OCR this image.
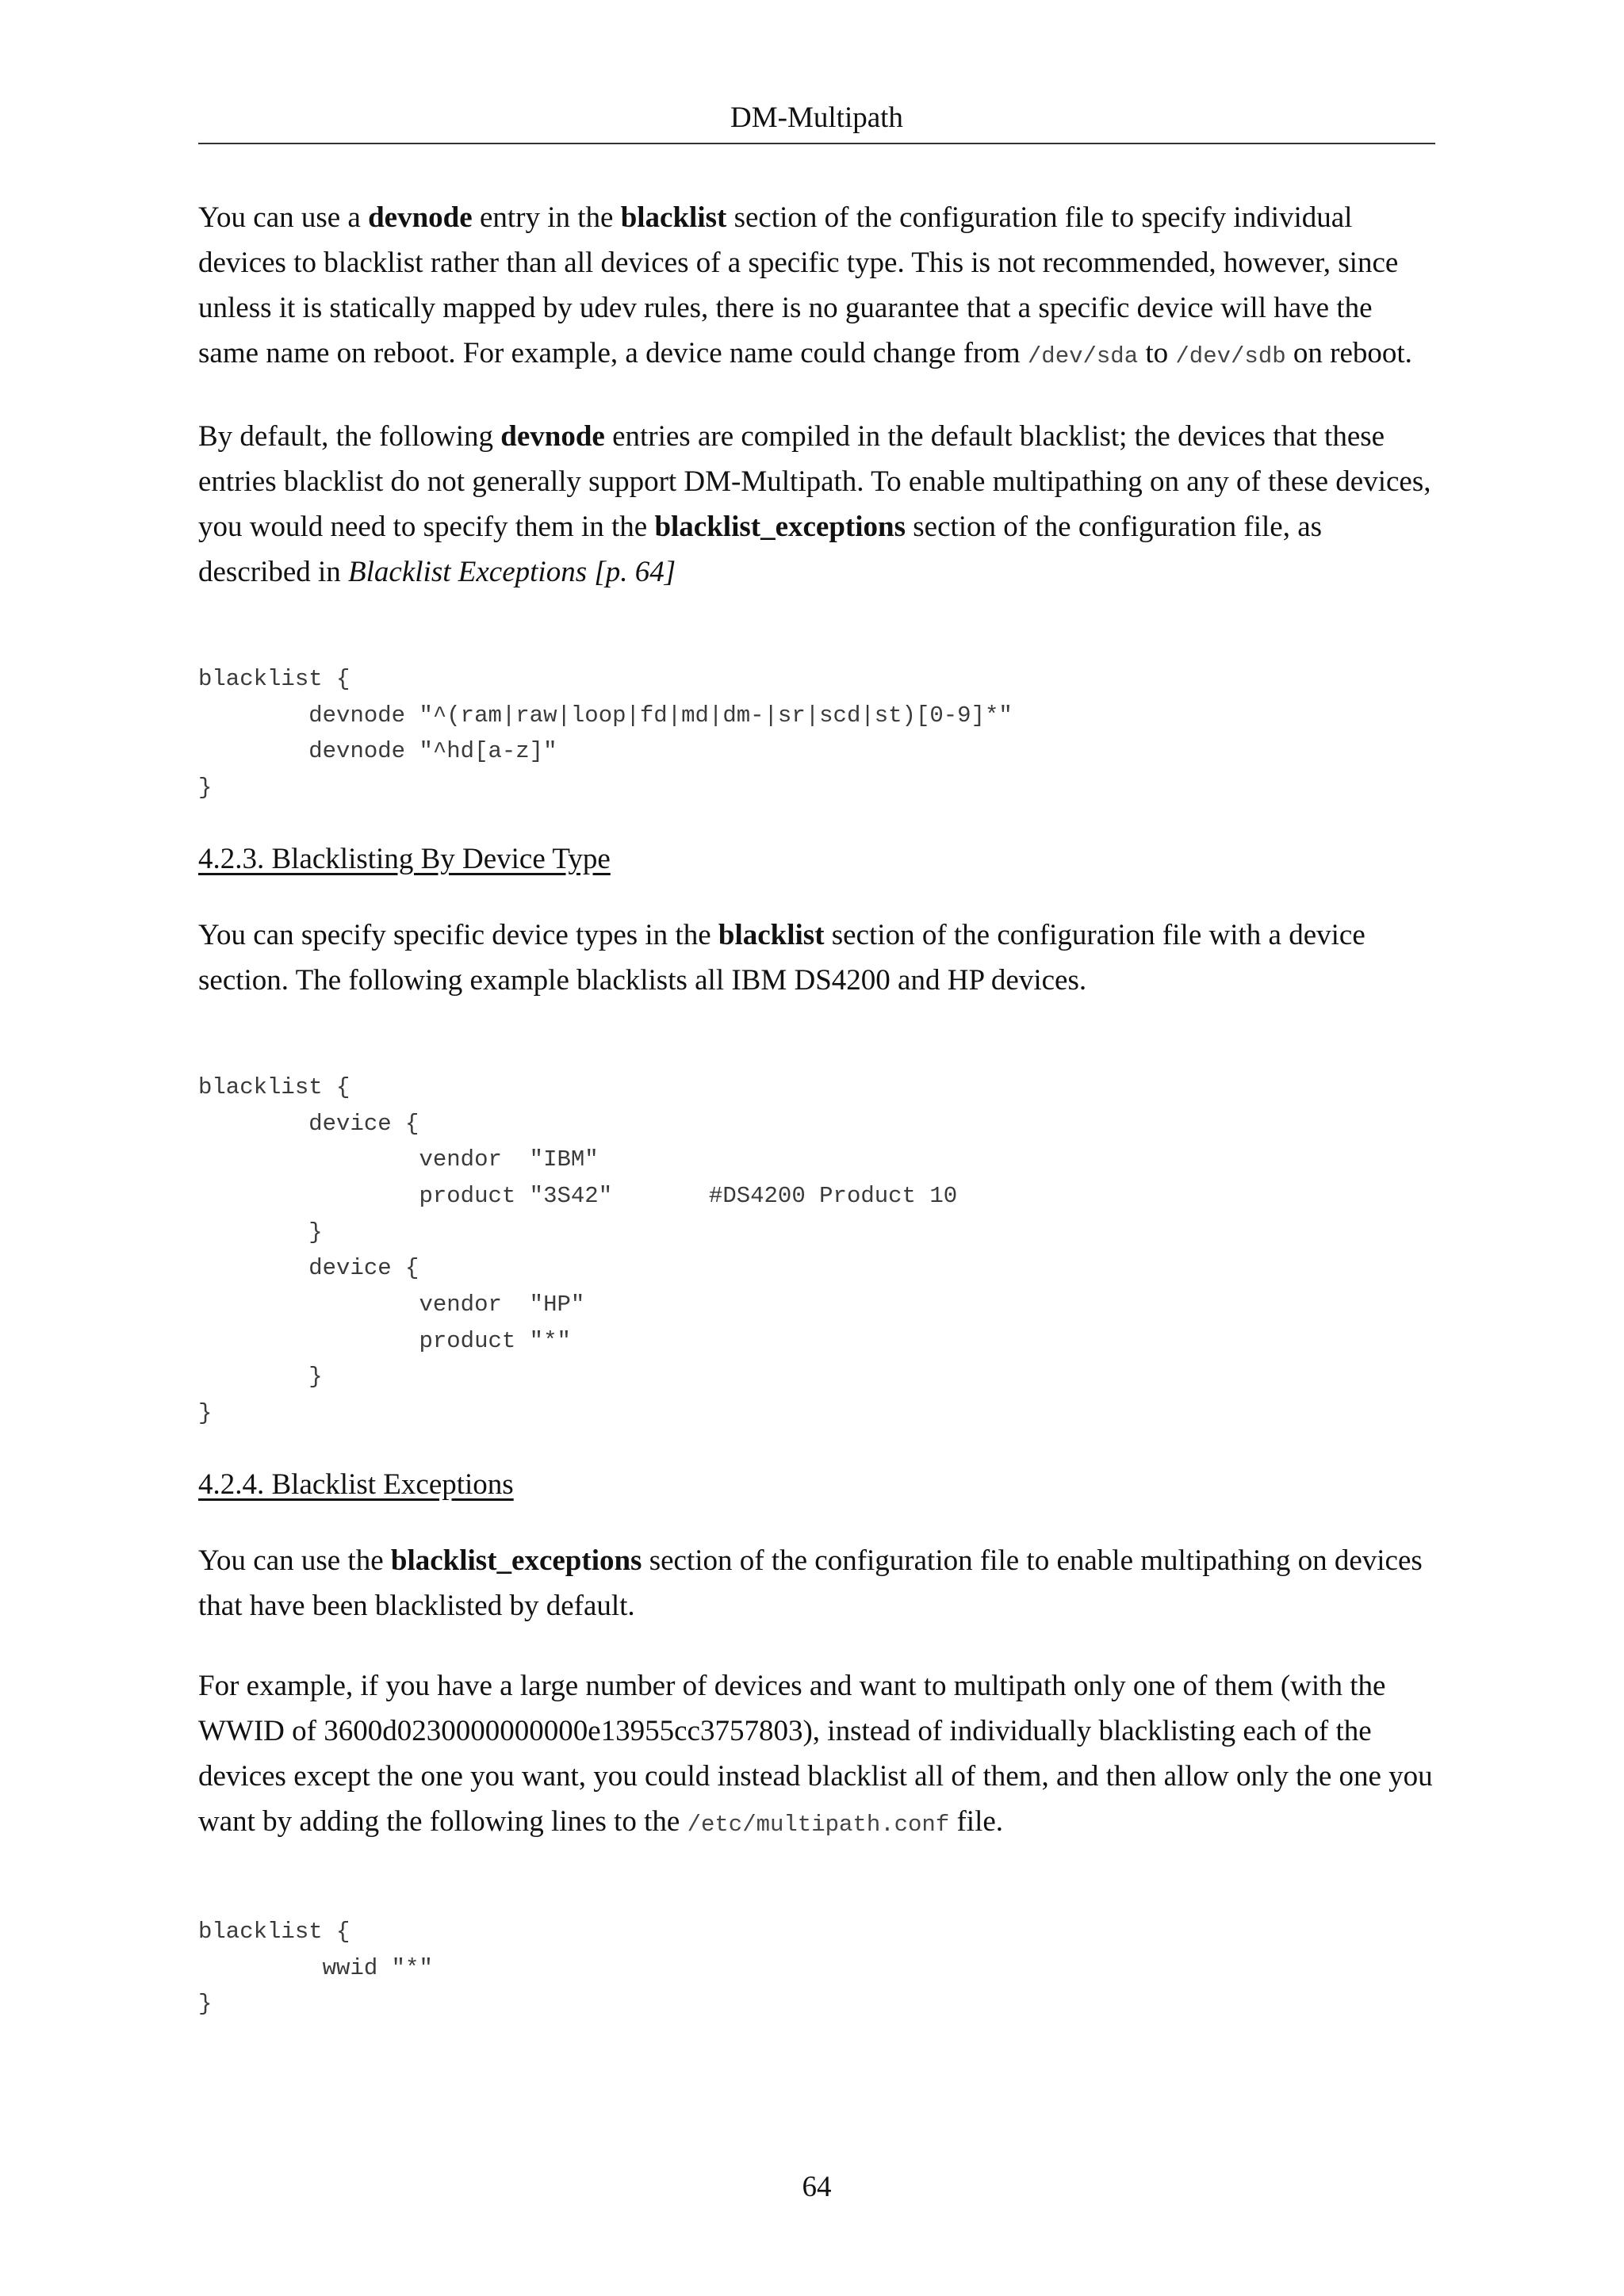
DM-Multipath

You can use a devnode entry in the blacklist section of the configuration file to specify individual devices to blacklist rather than all devices of a specific type. This is not recommended, however, since unless it is statically mapped by udev rules, there is no guarantee that a specific device will have the same name on reboot. For example, a device name could change from /dev/sda to /dev/sdb on reboot.

By default, the following devnode entries are compiled in the default blacklist; the devices that these entries blacklist do not generally support DM-Multipath. To enable multipathing on any of these devices, you would need to specify them in the blacklist_exceptions section of the configuration file, as described in Blacklist Exceptions [p. 64]

blacklist {
	devnode "^(ram|raw|loop|fd|md|dm-|sr|scd|st)[0-9]*"
	devnode "^hd[a-z]"
}
4.2.3. Blacklisting By Device Type

You can specify specific device types in the blacklist section of the configuration file with a device section. The following example blacklists all IBM DS4200 and HP devices.

blacklist {
	device {
		vendor  "IBM"
		product "3S42"       #DS4200 Product 10
	}
	device {
		vendor  "HP"
		product "*"
	}
}
4.2.4. Blacklist Exceptions

You can use the blacklist_exceptions section of the configuration file to enable multipathing on devices that have been blacklisted by default.

For example, if you have a large number of devices and want to multipath only one of them (with the WWID of 3600d0230000000000e13955cc3757803), instead of individually blacklisting each of the devices except the one you want, you could instead blacklist all of them, and then allow only the one you want by adding the following lines to the /etc/multipath.conf file.

blacklist {
	wwid "*"
}
64
